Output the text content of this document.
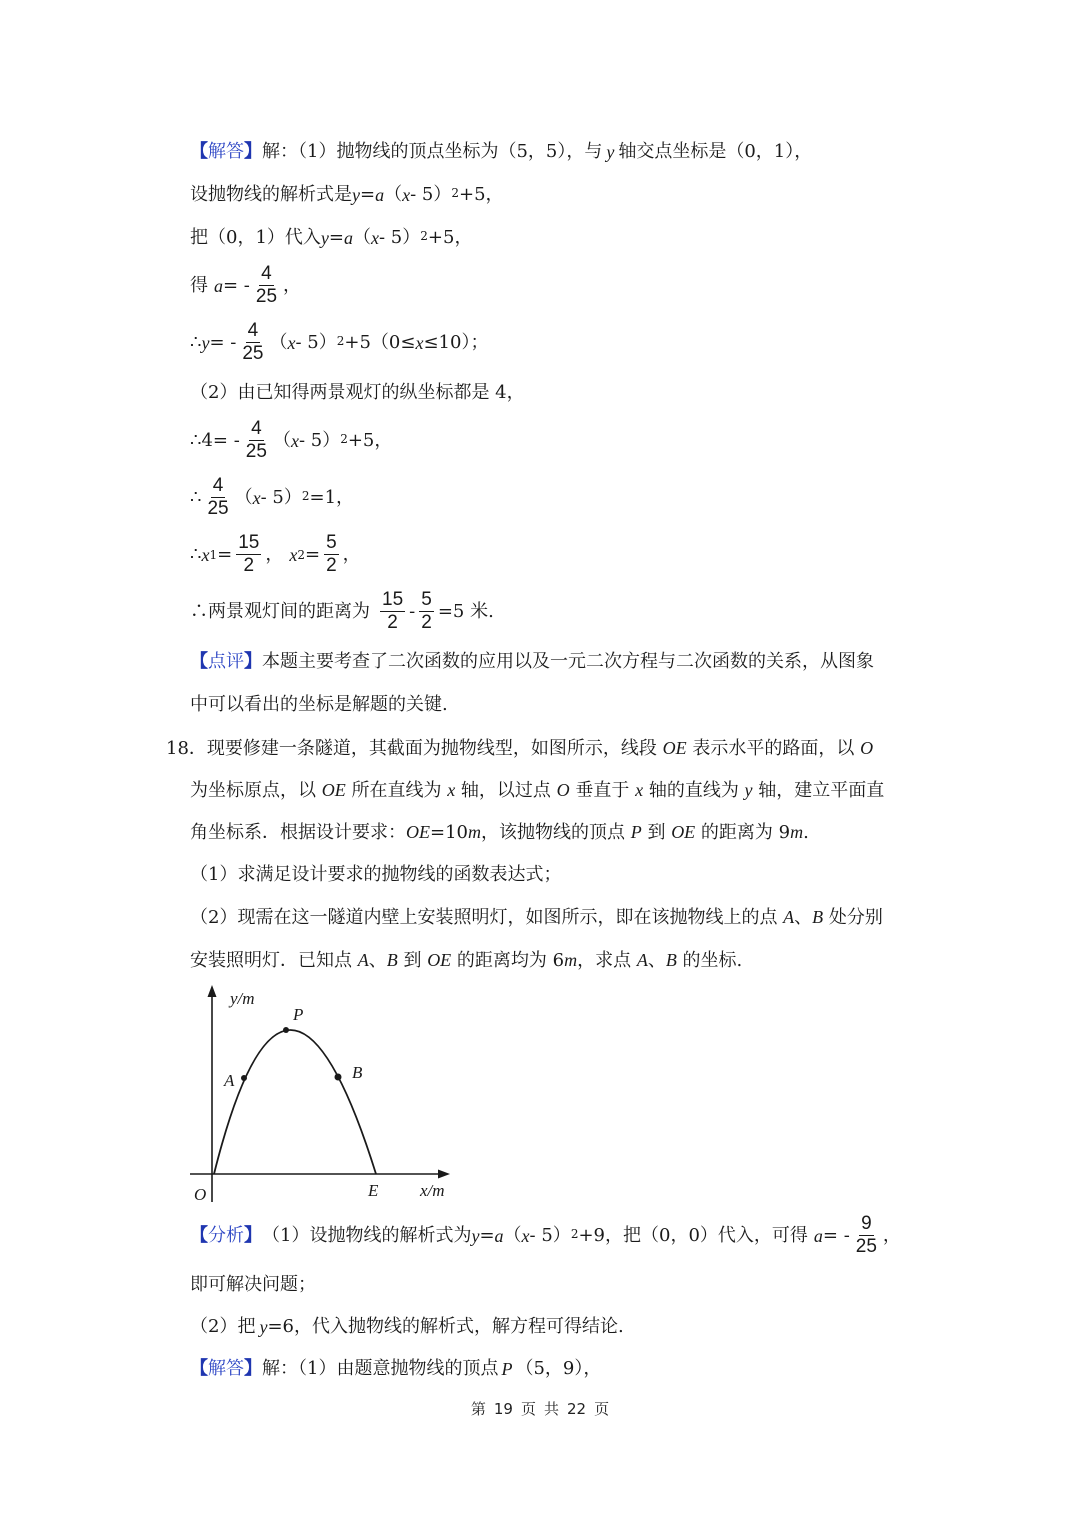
【解答】 解：（1）抛物线的顶点坐标为（5，5），与 y 轴交点坐标是（0，1），
设抛物线的解析式是 y = a （ x - 5）$^2$ +5，
把（0，1）代入 y = a （ x - 5）$^2$ +5，
得 a = - $\frac{4}{25}$ ，
∴ y = - $\frac{4}{25}$ （ x - 5）$^2$ +5（0≤ x ≤10）；
（2）由已知得两景观灯的纵坐标都是 4，
∴4= - $\frac{4}{25}$ （ x - 5）$^2$ +5，
∴ $\frac{4}{25}$ （ x - 5）$^2$ =1，
∴ x $1 = \frac{15}{2}$ ， x $2 = \frac{5}{2}$ ，
∴两景观灯间的距离为 $\frac{15}{2} - \frac{5}{2} =5$ 米.
【点评】 本题主要考查了二次函数的应用以及一元二次方程与二次函数的关系，从图象
中可以看出的坐标是解题的关键.
18． 现要修建一条隧道，其截面为抛物线型，如图所示，线段 OE 表示水平的路面，以 O
为坐标原点，以 OE 所在直线为 x 轴，以过点 O 垂直于 x 轴的直线为 y 轴，建立平面直
角坐标系．根据设计要求：OE=10m，该抛物线的顶点 P 到 OE 的距离为 9m.
（1）求满足设计要求的抛物线的函数表达式；
（2）现需在这一隧道内壁上安装照明灯，如图所示，即在该抛物线上的点 A、B 处分别
安装照明灯．已知点 A、B 到 OE 的距离均为 6m，求点 A、B 的坐标.
y/m
P
A	B
O	E x/m
【分析】 （1）设抛物线的解析式为 y = a （ x - 5）$^2$ +9，把（0，0）代入，可得 a = - $\frac{9}{25}$ ，
即可解决问题；
（2）把 y =6，代入抛物线的解析式，解方程可得结论.
【解答】 解：（1）由题意抛物线的顶点 P （5，9），
第 19 页 共 22 页
